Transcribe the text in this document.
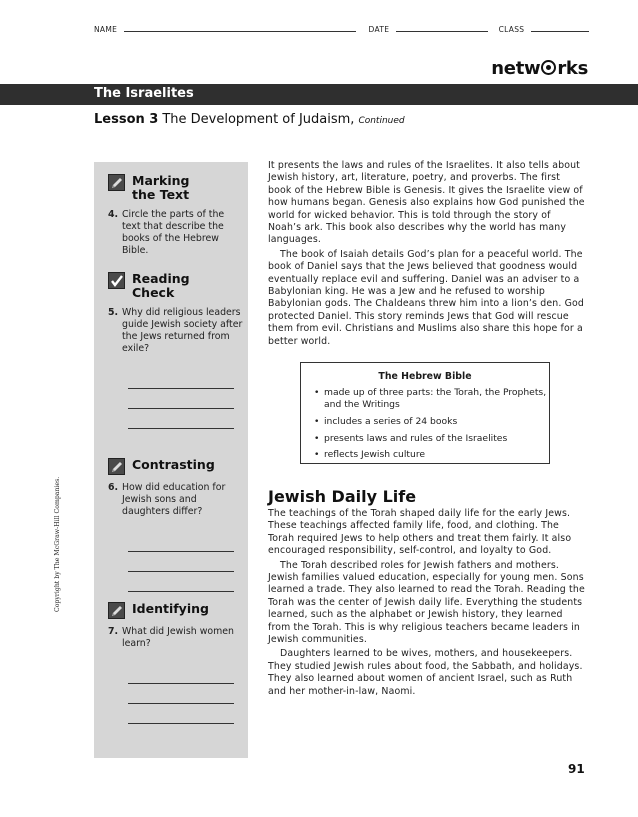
NAME	DATE	CLASS
netw rks
The Israelites
Lesson 3 The Development of Judaism, Continued
Copyright by The McGraw-Hill Companies.
Marking
the Text
4. Circle the parts of the text that describe the books of the Hebrew Bible.
Reading
Check
5. Why did religious leaders guide Jewish society after the Jews returned from exile?
Contrasting
6. How did education for Jewish sons and daughters differ?
Identifying
7. What did Jewish women learn?

It presents the laws and rules of the Israelites. It also tells about Jewish history, art, literature, poetry, and proverbs. The first book of the Hebrew Bible is Genesis. It gives the Israelite view of how humans began. Genesis also explains how God punished the world for wicked behavior. This is told through the story of Noah’s ark. This book also describes why the world has many languages.

The book of Isaiah details God’s plan for a peaceful world. The book of Daniel says that the Jews believed that goodness would eventually replace evil and suffering. Daniel was an adviser to a Babylonian king. He was a Jew and he refused to worship Babylonian gods. The Chaldeans threw him into a lion’s den. God protected Daniel. This story reminds Jews that God will rescue them from evil. Christians and Muslims also share this hope for a better world.

The Hebrew Bible
• made up of three parts: the Torah, the Prophets, and the Writings
• includes a series of 24 books
• presents laws and rules of the Israelites
• reflects Jewish culture
Jewish Daily Life

The teachings of the Torah shaped daily life for the early Jews. These teachings affected family life, food, and clothing. The Torah required Jews to help others and treat them fairly. It also encouraged responsibility, self-control, and loyalty to God.

The Torah described roles for Jewish fathers and mothers. Jewish families valued education, especially for young men. Sons learned a trade. They also learned to read the Torah. Reading the Torah was the center of Jewish daily life. Everything the students learned, such as the alphabet or Jewish history, they learned from the Torah. This is why religious teachers became leaders in Jewish communities.

Daughters learned to be wives, mothers, and housekeepers. They studied Jewish rules about food, the Sabbath, and holidays. They also learned about women of ancient Israel, such as Ruth and her mother-in-law, Naomi.

91
